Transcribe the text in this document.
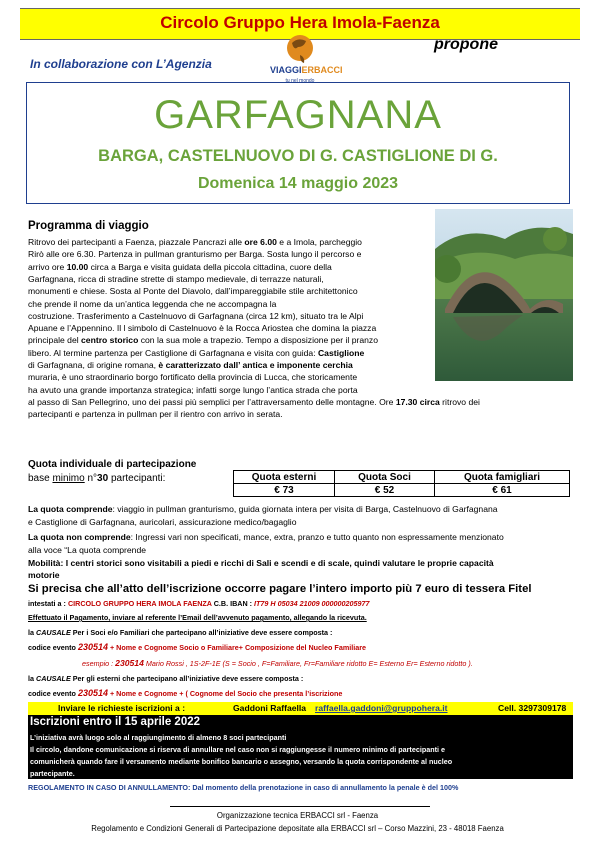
Circolo Gruppo Hera Imola-Faenza
propone
In collaborazione con L’Agenzia	VIAGGIERBACCI
tu nel mondo
GARFAGNANA
BARGA, CASTELNUOVO DI G. CASTIGLIONE DI G.
Domenica 14 maggio 2023
Programma di viaggio
Ritrovo dei partecipanti a Faenza, piazzale Pancrazi alle ore 6.00 e a Imola, parcheggio
Rirò alle ore 6.30. Partenza in pullman granturismo per Barga. Sosta lungo il percorso e
arrivo ore 10.00 circa a Barga e visita guidata della piccola cittadina, cuore della
Garfagnana, ricca di stradine strette di stampo medievale, di terrazze naturali,
monumenti e chiese. Sosta al Ponte del Diavolo, dall’impareggiabile stile architettonico
che prende il nome da un’antica leggenda che ne accompagna la
costruzione. Trasferimento a Castelnuovo di Garfagnana (circa 12 km), situato tra le Alpi
Apuane e l’Appennino. Il l simbolo di Castelnuovo è la Rocca Ariostea che domina la piazza
principale del centro storico con la sua mole a trapezio. Tempo a disposizione per il pranzo
libero. Al termine partenza per Castiglione di Garfagnana e visita con guida: Castiglione
di Garfagnana, di origine romana, è caratterizzato dall’ antica e imponente cerchia
muraria, è uno straordinario borgo fortificato della provincia di Lucca, che storicamente
ha avuto una grande importanza strategica; infatti sorge lungo l’antica strada che porta
al passo di San Pellegrino, uno dei passi più semplici per l’attraversamento delle montagne. Ore 17.30 circa ritrovo dei
partecipanti e partenza in pullman per il rientro con arrivo in serata.
Quota individuale di partecipazione
base minimo n°30 partecipanti:	Quota esterni	Quota Soci	Quota famigliari
€ 73	€ 52	€ 61
La quota comprende: viaggio in pullman granturismo, guida giornata intera per visita di Barga, Castelnuovo di Garfagnana
e Castiglione di Garfagnana, auricolari, assicurazione medico/bagaglio
La quota non comprende: Ingressi vari non specificati, mance, extra, pranzo e tutto quanto non espressamente menzionato
alla voce “La quota comprende
Mobilità: I centri storici sono visitabili a piedi e ricchi di Sali e scendi e di scale, quindi valutare le proprie capacità
motorie
Si precisa che all’atto dell’iscrizione occorre pagare l’intero importo più 7 euro di tessera Fitel
intestati a : CIRCOLO GRUPPO HERA IMOLA FAENZA C.B. IBAN : IT79 H 05034 21009 000000205977
Effettuato il Pagamento, inviare al referente l’Email dell’avvenuto pagamento, allegando la ricevuta.
la CAUSALE Per i Soci e/o Familiari che partecipano all’iniziative deve essere composta :
codice evento 230514 + Nome e Cognome Socio o Familiare+ Composizione del Nucleo Familiare
esempio : 230514 Mario Rossi , 1S-2F-1E (S = Socio , F=Familiare, Fr=Familiare ridotto E= Esterno Er= Esterno ridotto ).
la CAUSALE Per gli esterni che partecipano all’iniziative deve essere composta :
codice evento 230514 + Nome e Cognome + ( Cognome del Socio che presenta l’iscrizione
Inviare le richieste iscrizioni a :	Gaddoni Raffaella raffaella.gaddoni@gruppohera.it	Cell. 3297309178
Iscrizioni entro il 15 aprile 2022
L’iniziativa avrà luogo solo al raggiungimento di almeno 8 soci partecipanti
Il circolo, dandone comunicazione si riserva di annullare nel caso non si raggiungesse il numero minimo di partecipanti e
comunicherà quando fare il versamento mediante bonifico bancario o assegno, versando la quota corrispondente al nucleo
partecipante.
REGOLAMENTO IN CASO DI ANNULLAMENTO: Dal momento della prenotazione in caso di annullamento la penale è del 100%
Organizzazione tecnica ERBACCI srl - Faenza
Regolamento e Condizioni Generali di Partecipazione depositate alla ERBACCI srl – Corso Mazzini, 23 - 48018 Faenza
